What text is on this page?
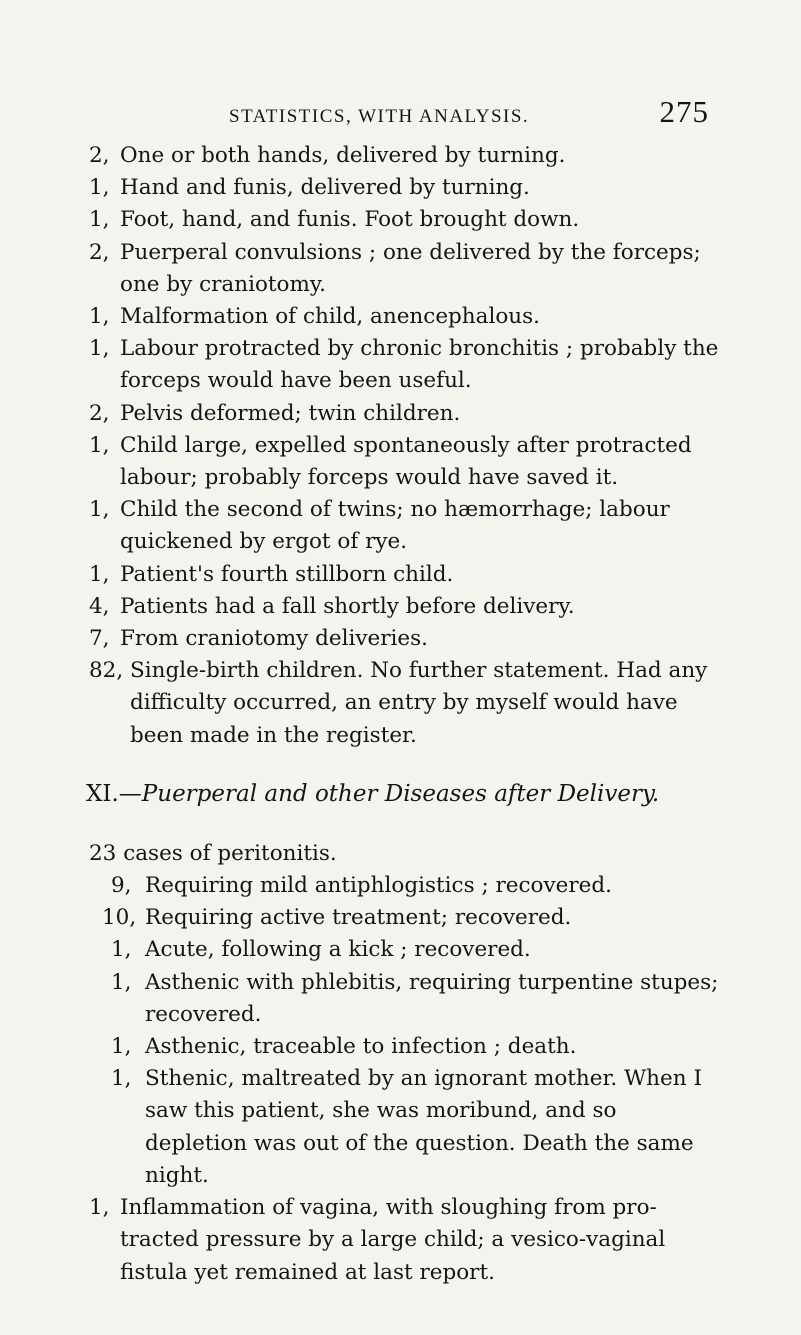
STATISTICS, WITH ANALYSIS.	275
2, One or both hands, delivered by turning.
1, Hand and funis, delivered by turning.
1, Foot, hand, and funis. Foot brought down.
2, Puerperal convulsions ; one delivered by the forceps; one by craniotomy.
1, Malformation of child, anencephalous.
1, Labour protracted by chronic bronchitis ; probably the forceps would have been useful.
2, Pelvis deformed; twin children.
1, Child large, expelled spontaneously after protracted labour; probably forceps would have saved it.
1, Child the second of twins; no hæmorrhage; labour quickened by ergot of rye.
1, Patient's fourth stillborn child.
4, Patients had a fall shortly before delivery.
7, From craniotomy deliveries.
82, Single-birth children. No further statement. Had any difficulty occurred, an entry by myself would have been made in the register.
XI.—Puerperal and other Diseases after Delivery.
23 cases of peritonitis.
9, Requiring mild antiphlogistics ; recovered.
10, Requiring active treatment; recovered.
1, Acute, following a kick ; recovered.
1, Asthenic with phlebitis, requiring turpentine stupes; recovered.
1, Asthenic, traceable to infection ; death.
1, Sthenic, maltreated by an ignorant mother. When I saw this patient, she was moribund, and so depletion was out of the question. Death the same night.
1, Inflammation of vagina, with sloughing from pro-tracted pressure by a large child; a vesico-vaginal fistula yet remained at last report.
